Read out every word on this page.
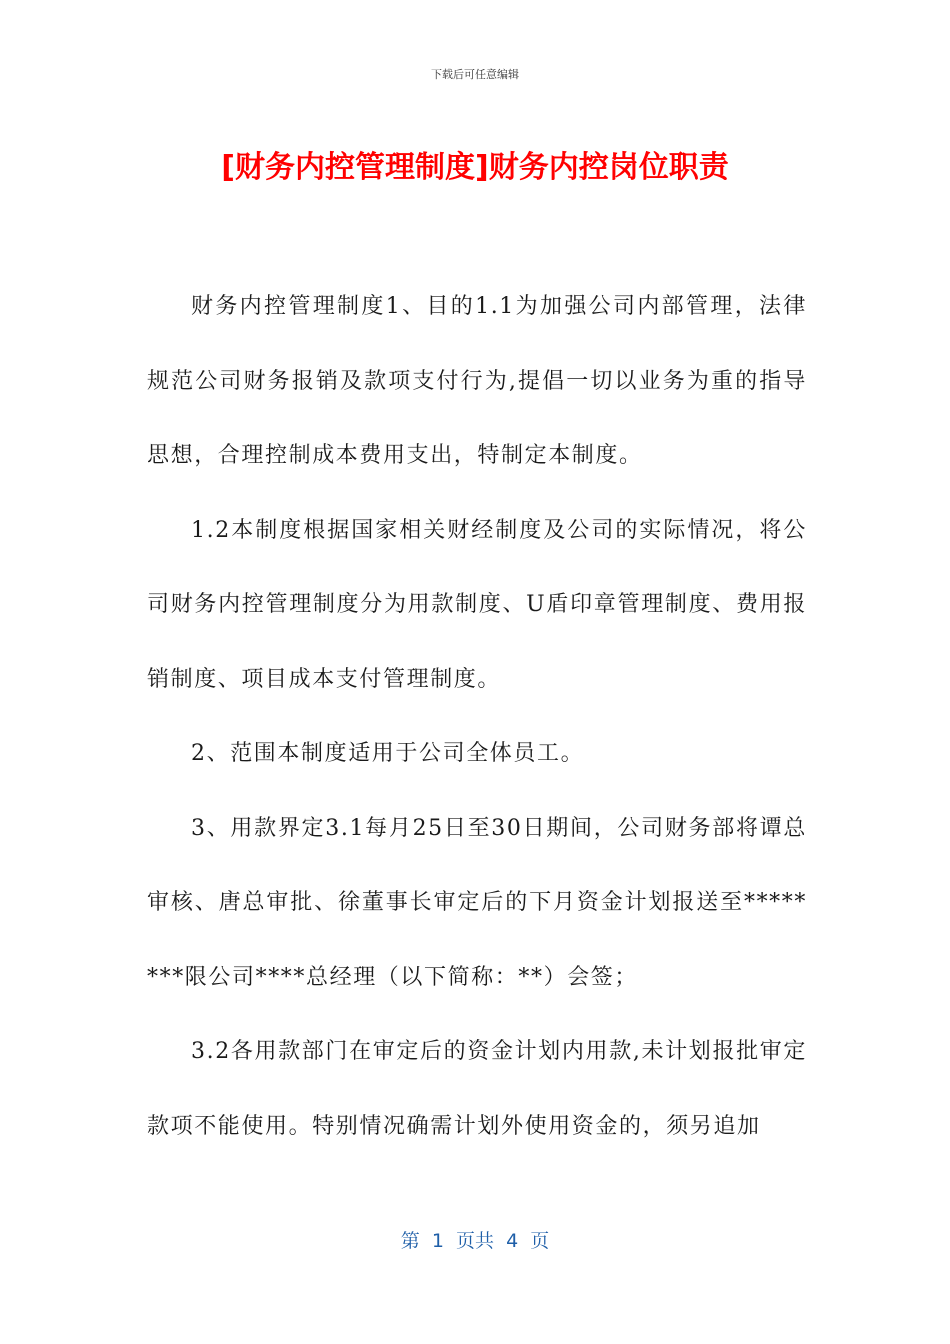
下载后可任意编辑
[财务内控管理制度]财务内控岗位职责

财务内控管理制度1、目的1.1为加强公司内部管理，法律规范公司财务报销及款项支付行为,提倡一切以业务为重的指导思想，合理控制成本费用支出，特制定本制度。

1.2本制度根据国家相关财经制度及公司的实际情况，将公司财务内控管理制度分为用款制度、U盾印章管理制度、费用报销制度、项目成本支付管理制度。

2、范围本制度适用于公司全体员工。

3、用款界定3.1每月25日至30日期间，公司财务部将谭总审核、唐总审批、徐董事长审定后的下月资金计划报送至********限公司****总经理（以下简称：**）会签；

3.2各用款部门在审定后的资金计划内用款,未计划报批审定款项不能使用。特别情况确需计划外使用资金的，须另追加

第  1  页共  4  页
